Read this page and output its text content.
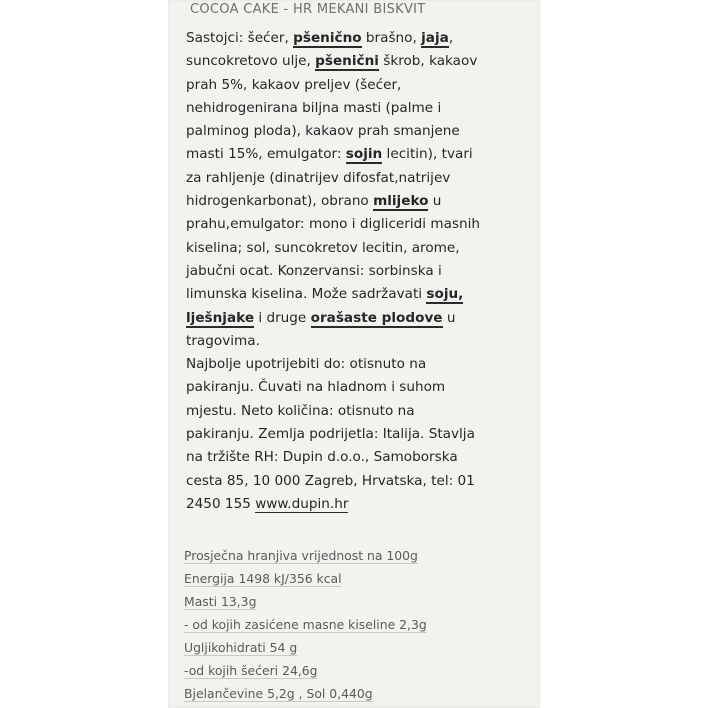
COCOA CAKE - HR MEKANI BISKVIT
Sastojci: šećer, pšenično brašno, jaja,
suncokretovo ulje, pšenični škrob, kakaov
prah 5%, kakaov preljev (šećer,
nehidrogenirana biljna masti (palme i
palminog ploda), kakaov prah smanjene
masti 15%, emulgator: sojin lecitin), tvari
za rahljenje (dinatrijev difosfat,natrijev
hidrogenkarbonat), obrano mlijeko u
prahu,emulgator: mono i digliceridi masnih
kiselina; sol, suncokretov lecitin, arome,
jabučni ocat. Konzervansi: sorbinska i
limunska kiselina. Može sadržavati soju,
lješnjake i druge orašaste plodove u
tragovima.
Najbolje upotrijebiti do: otisnuto na
pakiranju. Čuvati na hladnom i suhom
mjestu. Neto količina: otisnuto na
pakiranju. Zemlja podrijetla: Italija. Stavlja
na tržište RH: Dupin d.o.o., Samoborska
cesta 85, 10 000 Zagreb, Hrvatska, tel: 01
2450 155 www.dupin.hr
Prosječna hranjiva vrijednost na 100g
Energija 1498 kJ/356 kcal
Masti 13,3g
- od kojih zasićene masne kiseline 2,3g
Ugljikohidrati 54 g
-od kojih šećeri 24,6g
Bjelančevine 5,2g , Sol 0,440g
